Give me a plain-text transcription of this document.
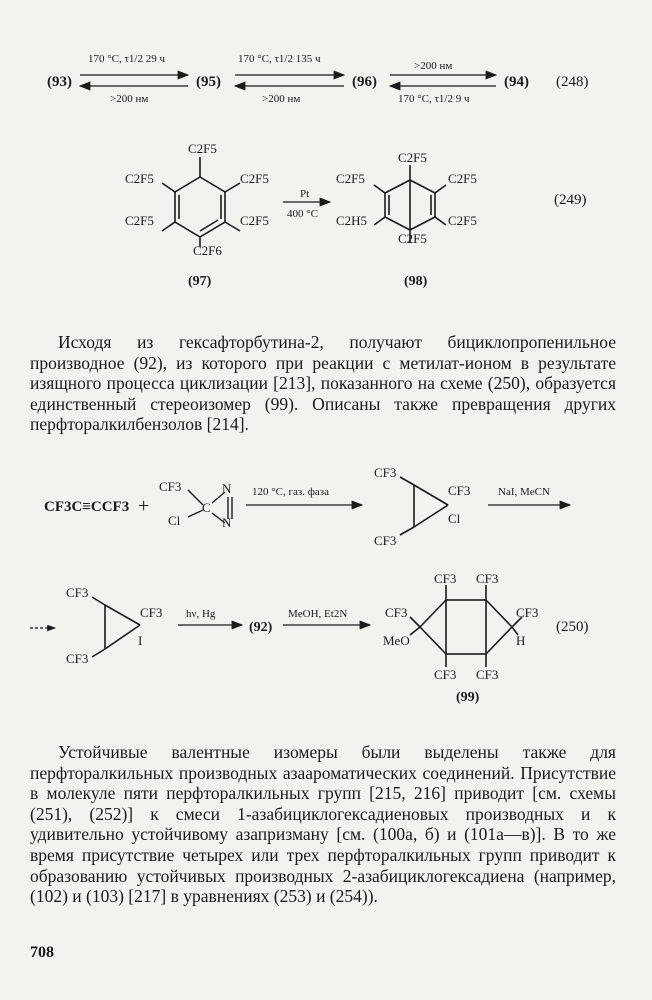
(93)
170 °C, τ1/2 29 ч
>200 нм
(95)
170 °C, τ1/2 135 ч
>200 нм
(96)
>200 нм
170 °C, τ1/2 9 ч
(94) (248)
C2F5
C2F5	C2F5
C2F5	C2F5
C2F6
Pt
400 °C
C2F5
C2F5	C2F5
C2F5
C2H5
C2F5
(97)	(98)
(249)
Исходя из гексафторбутина-2, получают бициклопропенильное производное (92), из которого при реакции с метилат-ионом в результате изящного процесса циклизации [213], показанного на схеме (250), образуется единственный стереоизомер (99). Описаны также превращения других перфторалкилбензолов [214].
CF3C≡CCF3 +
CF3
Cl
C
N
N
120 °C, газ. фаза
CF3
CF3
Cl
CF3
NaI, MeCN
CF3
CF3
I
CF3
hν, Hg
(92)
MeOH, Et2N
CF3 CF3
CF3
MeO
CF3
H
CF3 CF3
(99)
(250)
Устойчивые валентные изомеры были выделены также для перфторалкильных производных азаароматических соединений. Присутствие в молекуле пяти перфторалкильных групп [215, 216] приводит [см. схемы (251), (252)] к смеси 1-азабициклогексадиеновых производных и к удивительно устойчивому азапризману [см. (100а, б) и (101а—в)]. В то же время присутствие четырех или трех перфторалкильных групп приводит к образованию устойчивых производных 2-азабициклогексадиена (например, (102) и (103) [217] в уравнениях (253) и (254)).
708
